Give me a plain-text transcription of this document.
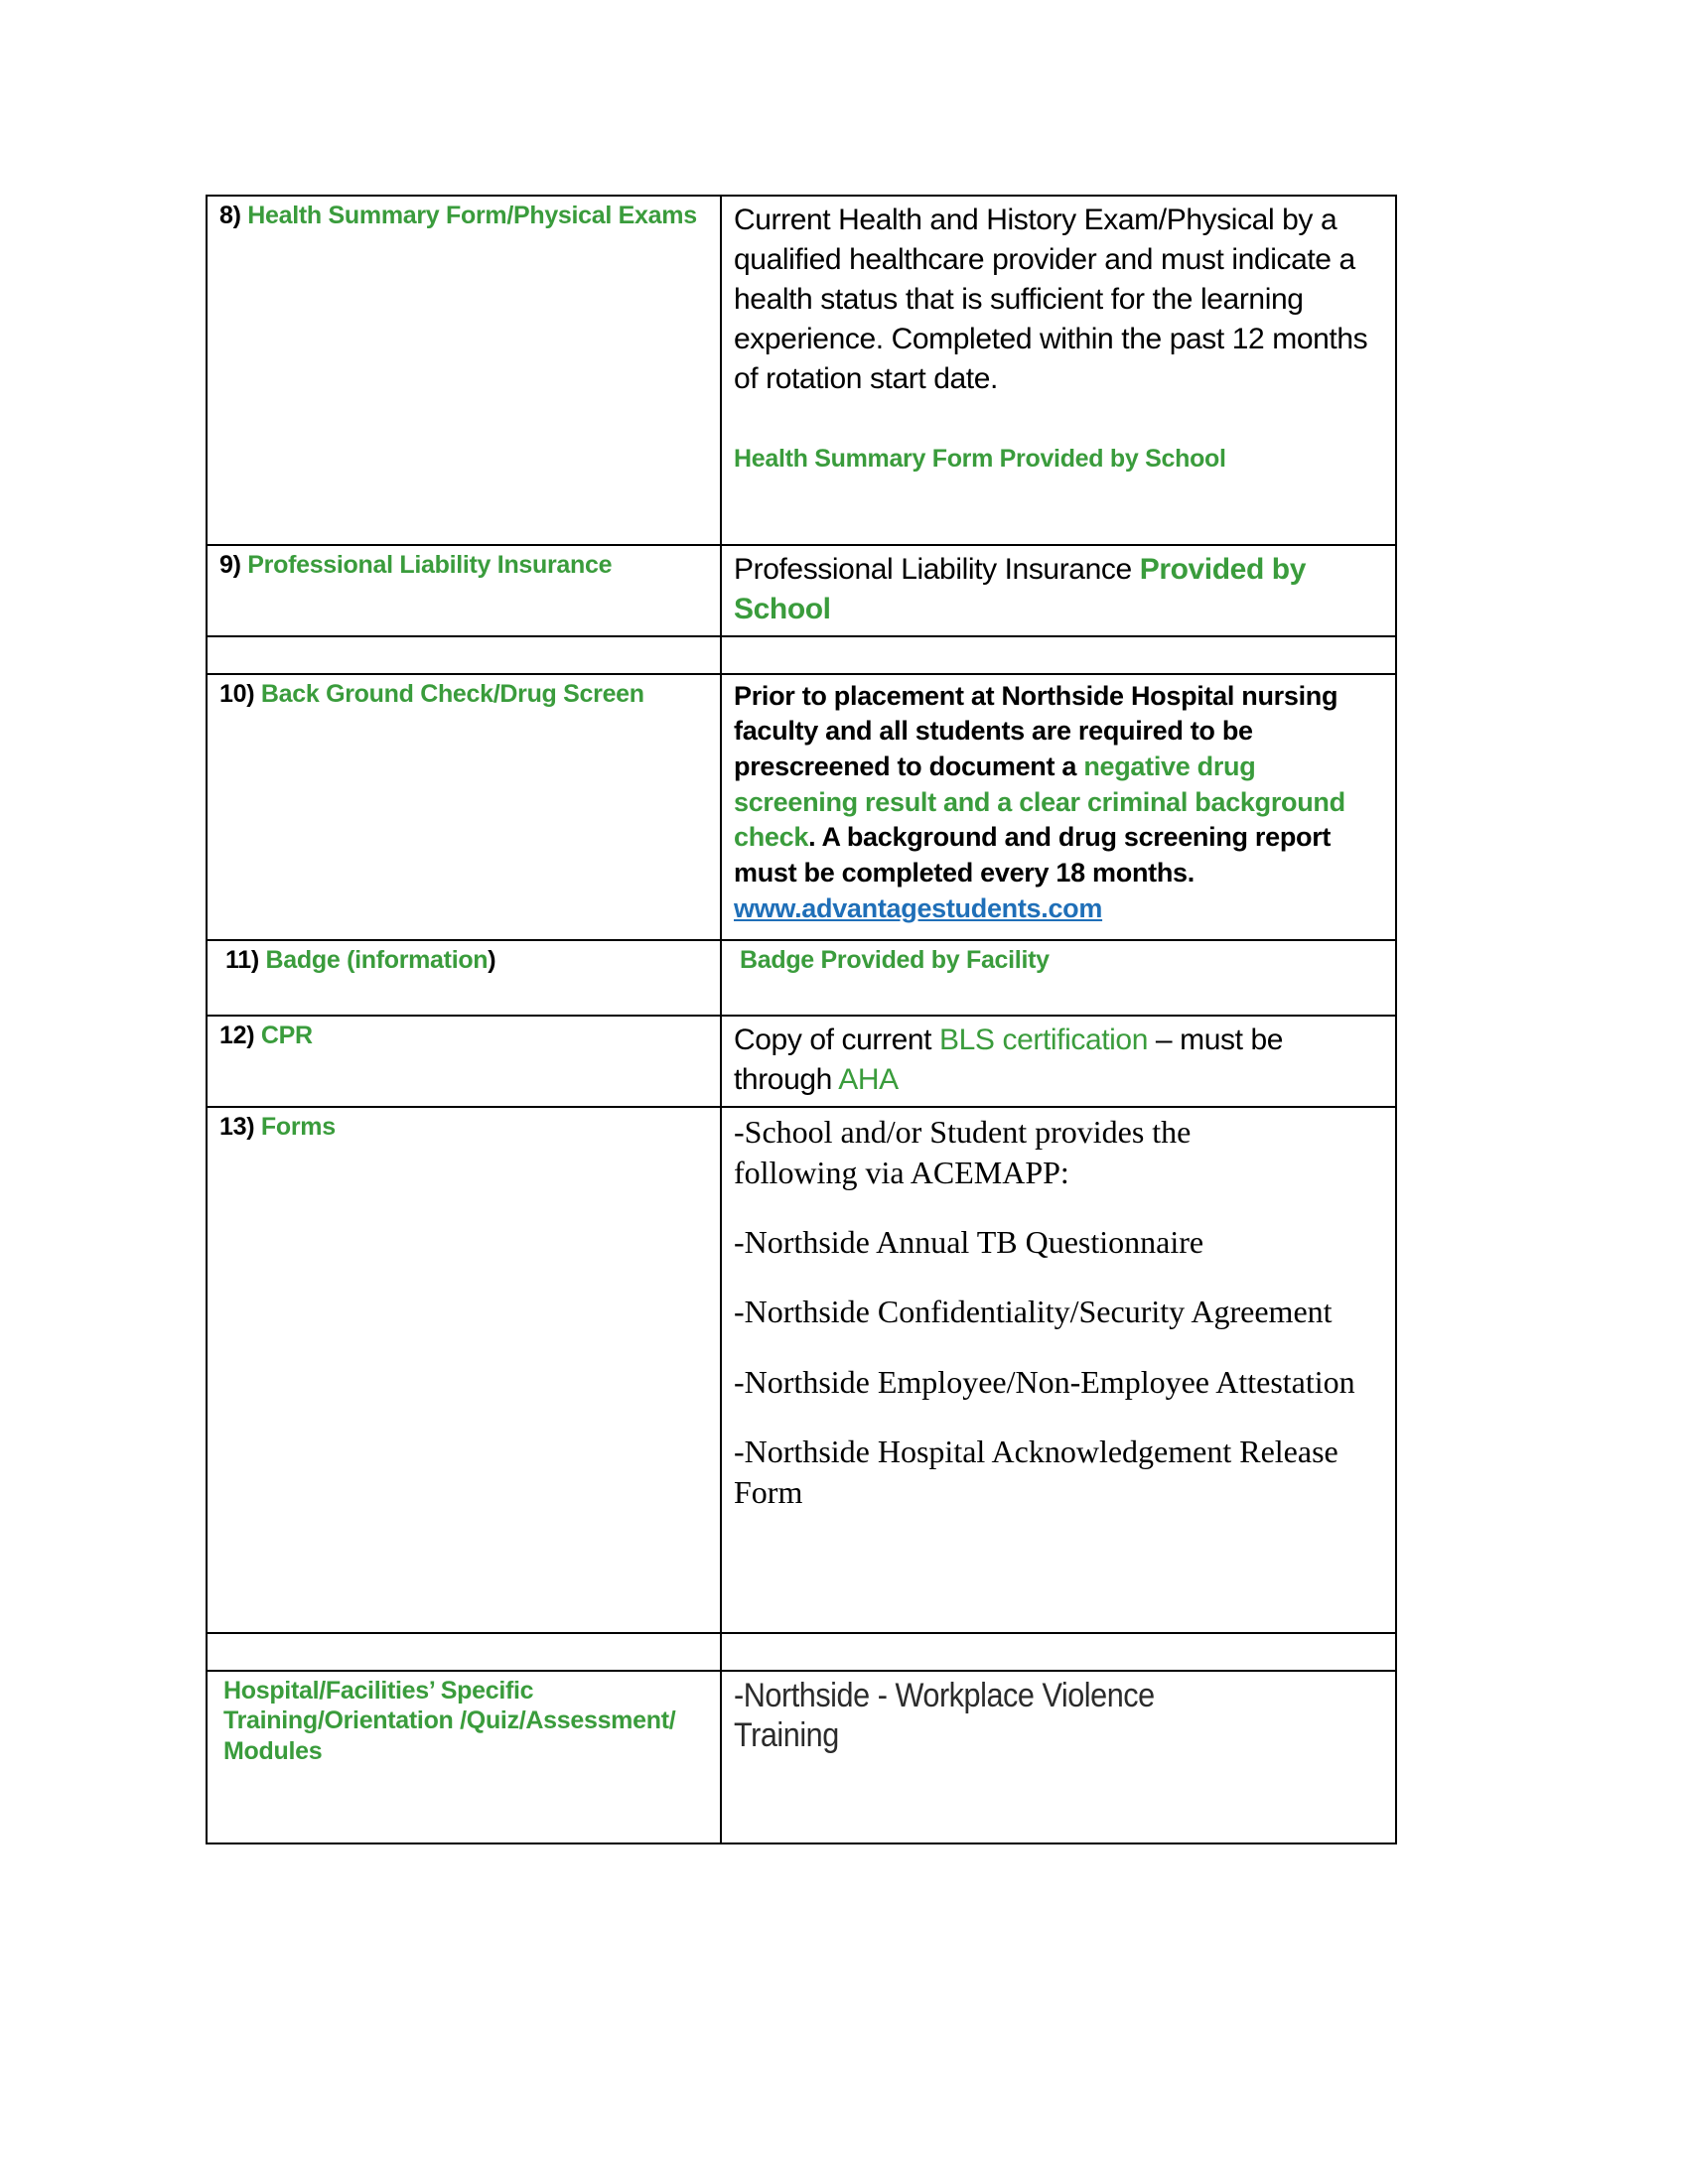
8) Health Summary Form/Physical Exams	Current Health and History Exam/Physical by a qualified healthcare provider and must indicate a health status that is sufficient for the learning experience. Completed within the past 12 months of rotation start date.
Health Summary Form Provided by School

9) Professional Liability Insurance	Professional Liability Insurance Provided by School

10) Back Ground Check/Drug Screen	Prior to placement at Northside Hospital nursing faculty and all students are required to be prescreened to document a negative drug screening result and a clear criminal background check. A background and drug screening report must be completed every 18 months. www.advantagestudents.com

11) Badge (information)	Badge Provided by Facility

12) CPR	Copy of current BLS certification – must be through AHA

13) Forms	-School and/or Student provides the
following via ACEMAPP:
-Northside Annual TB Questionnaire
-Northside Confidentiality/Security Agreement
-Northside Employee/Non-Employee Attestation
-Northside Hospital Acknowledgement Release Form

Hospital/Facilities’ Specific Training/Orientation /Quiz/Assessment/ Modules	-Northside - Workplace Violence
Training
